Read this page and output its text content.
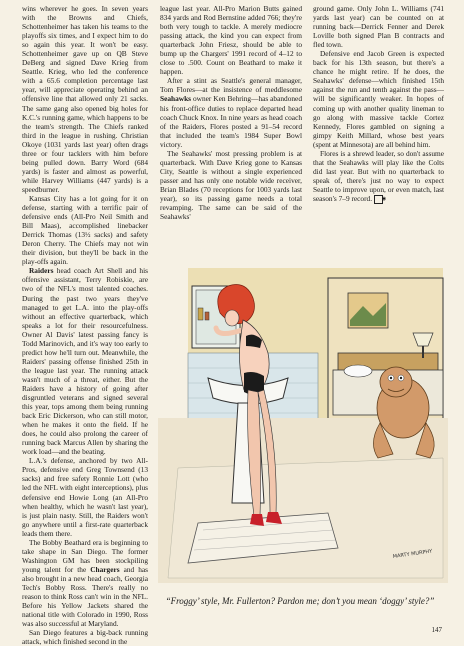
wins wherever he goes. In seven years with the Browns and Chiefs, Schottenheimer has taken his teams to the playoffs six times, and I expect him to do so again this year. It won't be easy. Schottenheimer gave up on QB Steve DeBerg and signed Dave Krieg from Seattle. Krieg, who led the conference with a 65.6 completion percentage last year, will appreciate operating behind an offensive line that allowed only 21 sacks. The same gang also opened big holes for K.C.'s running game, which happens to be the team's strength. The Chiefs ranked third in the league in rushing. Christian Okoye (1031 yards last year) often drags three or four tacklers with him before being pulled down. Barry Word (684 yards) is faster and almost as powerful, while Harvey Williams (447 yards) is a speedburner.

Kansas City has a lot going for it on defense, starting with a terrific pair of defensive ends (All-Pro Neil Smith and Bill Maas), accomplished linebacker Derrick Thomas (13½ sacks) and safety Deron Cherry. The Chiefs may not win their division, but they'll be back in the play-offs again.

Raiders head coach Art Shell and his offensive assistant, Terry Robiskie, are two of the NFL's most talented coaches. During the past two years they've managed to get L.A. into the play-offs without an effective quarterback, which speaks a lot for their resourcefulness. Owner Al Davis' latest passing fancy is Todd Marinovich, and it's way too early to predict how he'll turn out. Meanwhile, the Raiders' passing offense finished 25th in the league last year. The running attack wasn't much of a threat, either. But the Raiders have a history of going after disgruntled veterans and signed several this year, tops among them being running back Eric Dickerson, who can still motor, when he makes it onto the field. If he does, he could also prolong the career of running back Marcus Allen by sharing the work load—and the beating.

L.A.'s defense, anchored by two All-Pros, defensive end Greg Townsend (13 sacks) and free safety Ronnie Lott (who led the NFL with eight interceptions), plus defensive end Howie Long (an All-Pro when healthy, which he wasn't last year), is just plain nasty. Still, the Raiders won't go anywhere until a first-rate quarterback leads them there.

The Bobby Beathard era is beginning to take shape in San Diego. The former Washington GM has been stockpiling young talent for the Chargers and has also brought in a new head coach, Georgia Tech's Bobby Ross. There's really no reason to think Ross can't win in the NFL. Before his Yellow Jackets shared the national title with Colorado in 1990, Ross was also successful at Maryland.

San Diego features a big-back running attack, which finished second in the

league last year. All-Pro Marion Butts gained 834 yards and Rod Bernstine added 766; they're both very tough to tackle. A merely mediocre passing attack, the kind you can expect from quarterback John Friesz, should be able to bump up the Chargers' 1991 record of 4–12 to close to .500. Count on Beathard to make it happen.

After a stint as Seattle's general manager, Tom Flores—at the insistence of meddlesome Seahawks owner Ken Behring—has abandoned his front-office duties to replace departed head coach Chuck Knox. In nine years as head coach of the Raiders, Flores posted a 91–54 record that included the team's 1984 Super Bowl victory.

The Seahawks' most pressing problem is at quarterback. With Dave Krieg gone to Kansas City, Seattle is without a single experienced passer and has only one notable wide receiver, Brian Blades (70 receptions for 1003 yards last year), so its passing game needs a total revamping. The same can be said of the Seahawks'

ground game. Only John L. Williams (741 yards last year) can be counted on at running back—Derrick Fenner and Derek Loville both signed Plan B contracts and fled town.

Defensive end Jacob Green is expected back for his 13th season, but there's a chance he might retire. If he does, the Seahawks' defense—which finished 15th against the run and tenth against the pass—will be significantly weaker. In hopes of coming up with another quality lineman to go along with massive tackle Cortez Kennedy, Flores gambled on signing a gimpy Keith Millard, whose best years (spent at Minnesota) are all behind him.

Flores is a shrewd leader, so don't assume that the Seahawks will play like the Colts did last year. But with no quarterback to speak of, there's just no way to expect Seattle to improve upon, or even match, last season's 7–9 record. ◉

MARTY MURPHY
“Froggy’ style, Mr. Fullerton? Pardon me; don’t you mean ‘doggy’ style?”
147
